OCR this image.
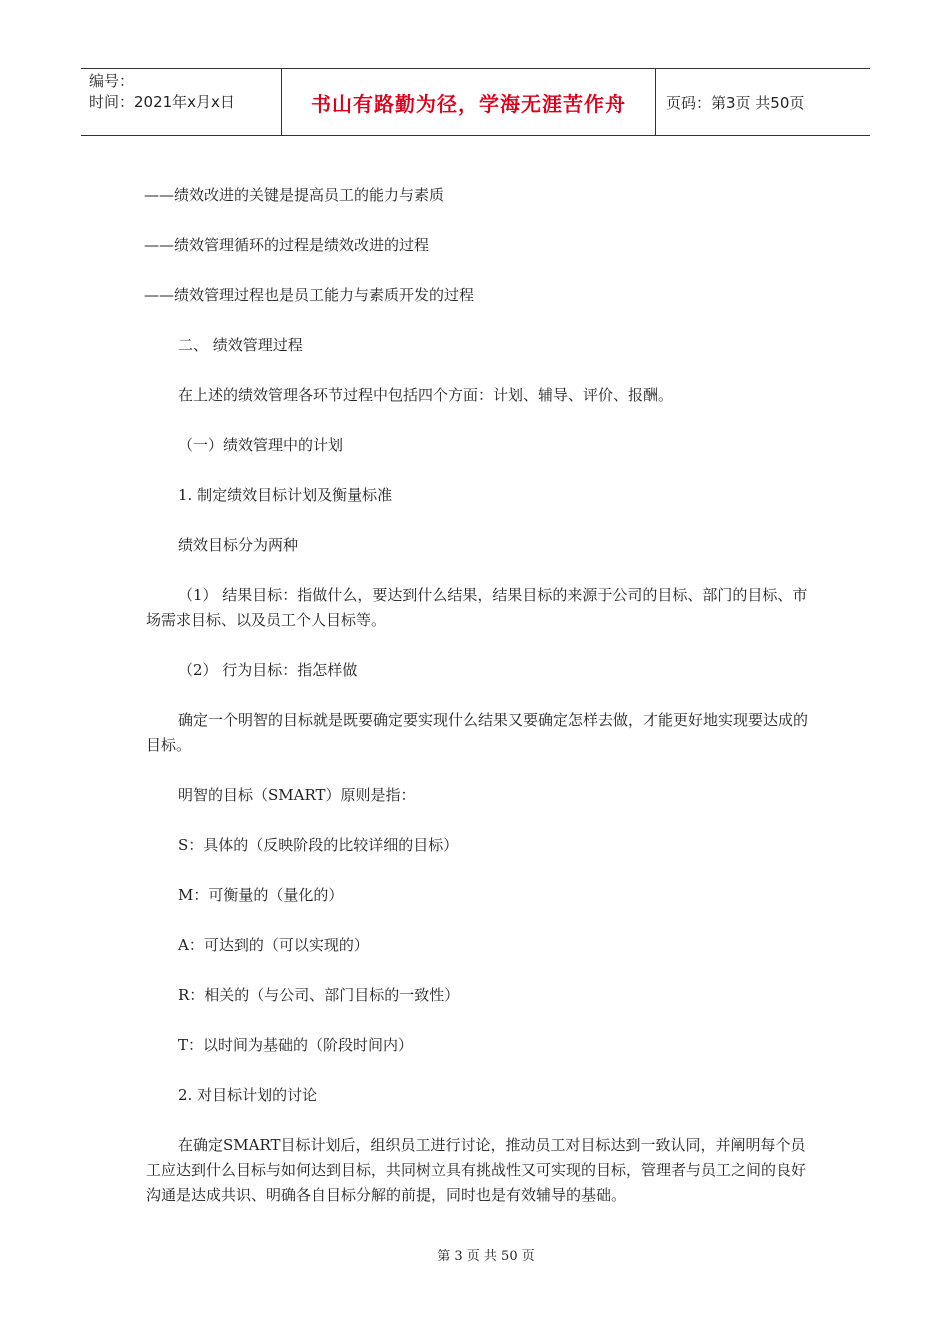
编号：
时间：2021年x月x日	书山有路勤为径，学海无涯苦作舟	页码：第3页 共50页

——绩效改进的关键是提高员工的能力与素质

——绩效管理循环的过程是绩效改进的过程

——绩效管理过程也是员工能力与素质开发的过程

二、 绩效管理过程

在上述的绩效管理各环节过程中包括四个方面：计划、辅导、评价、报酬。

（一）绩效管理中的计划

1. 制定绩效目标计划及衡量标准

绩效目标分为两种

（1） 结果目标：指做什么，要达到什么结果，结果目标的来源于公司的目标、部门的目标、市场需求目标、以及员工个人目标等。

（2） 行为目标：指怎样做

确定一个明智的目标就是既要确定要实现什么结果又要确定怎样去做，才能更好地实现要达成的目标。

明智的目标（SMART）原则是指：

S：具体的（反映阶段的比较详细的目标）

M：可衡量的（量化的）

A：可达到的（可以实现的）

R：相关的（与公司、部门目标的一致性）

T：以时间为基础的（阶段时间内）

2. 对目标计划的讨论

在确定SMART目标计划后，组织员工进行讨论，推动员工对目标达到一致认同，并阐明每个员工应达到什么目标与如何达到目标，共同树立具有挑战性又可实现的目标，管理者与员工之间的良好沟通是达成共识、明确各自目标分解的前提，同时也是有效辅导的基础。

第 3 页 共 50 页
